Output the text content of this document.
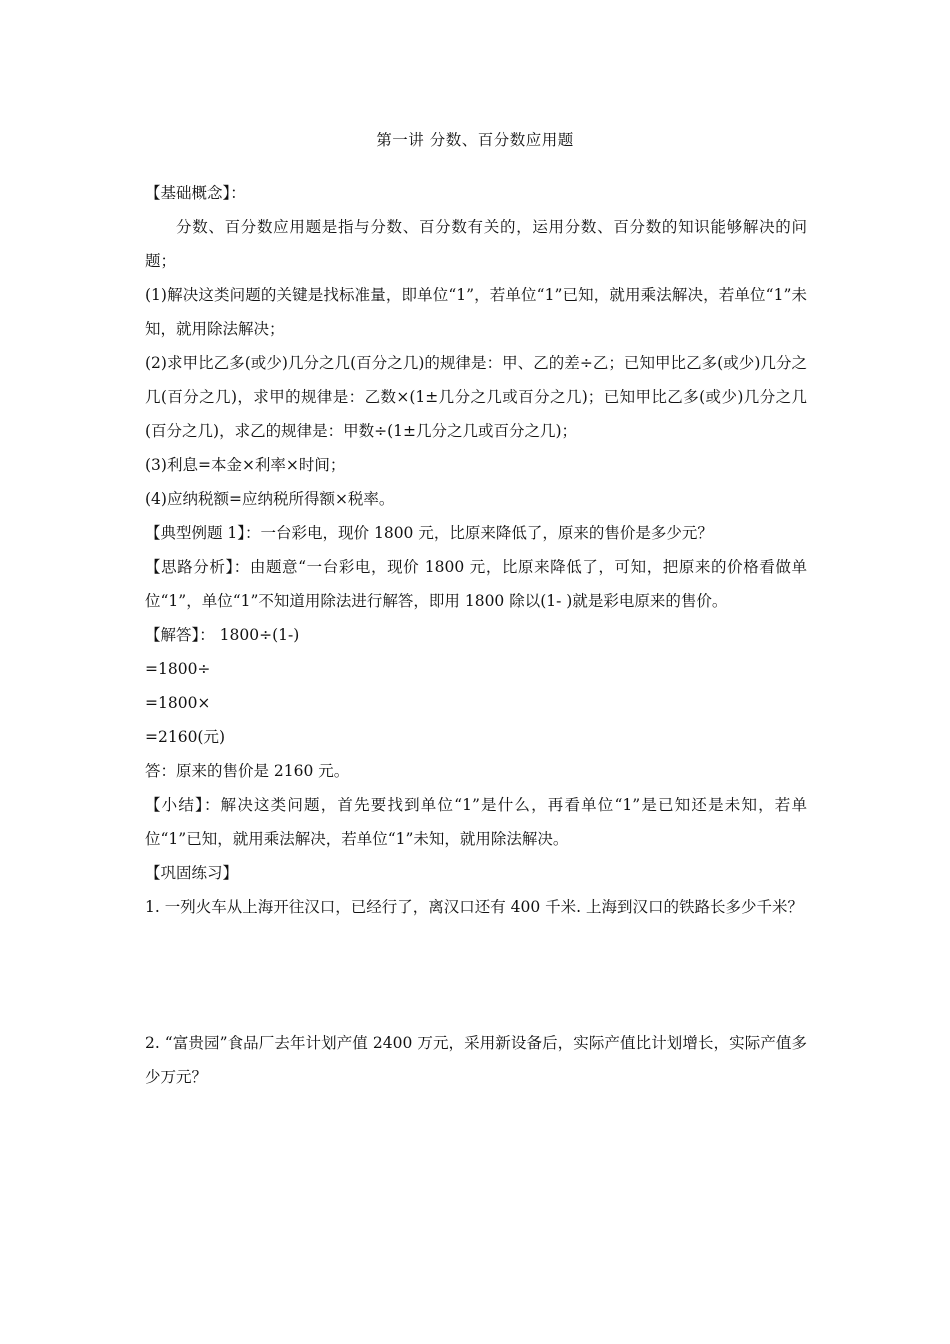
第一讲 分数、百分数应用题

【基础概念】：

分数、百分数应用题是指与分数、百分数有关的，运用分数、百分数的知识能够解决的问题；

(1)解决这类问题的关键是找标准量，即单位“1”，若单位“1”已知，就用乘法解决，若单位“1”未知，就用除法解决；

(2)求甲比乙多(或少)几分之几(百分之几)的规律是：甲、乙的差÷乙；已知甲比乙多(或少)几分之几(百分之几)，求甲的规律是：乙数×(1±几分之几或百分之几)；已知甲比乙多(或少)几分之几(百分之几)，求乙的规律是：甲数÷(1±几分之几或百分之几)；

(3)利息=本金×利率×时间；

(4)应纳税额=应纳税所得额×税率。

【典型例题 1】：一台彩电，现价 1800 元，比原来降低了，原来的售价是多少元？

【思路分析】：由题意“一台彩电，现价 1800 元，比原来降低了，可知，把原来的价格看做单位“1”，单位“1”不知道用除法进行解答，即用 1800 除以(1- )就是彩电原来的售价。

【解答】： 1800÷(1-)

=1800÷

=1800×

=2160(元)

答：原来的售价是 2160 元。

【小结】：解决这类问题，首先要找到单位“1”是什么，再看单位“1”是已知还是未知，若单位“1”已知，就用乘法解决，若单位“1”未知，就用除法解决。

【巩固练习】

1. 一列火车从上海开往汉口，已经行了，离汉口还有 400 千米. 上海到汉口的铁路长多少千米？

2. “富贵园”食品厂去年计划产值 2400 万元，采用新设备后，实际产值比计划增长，实际产值多少万元？
